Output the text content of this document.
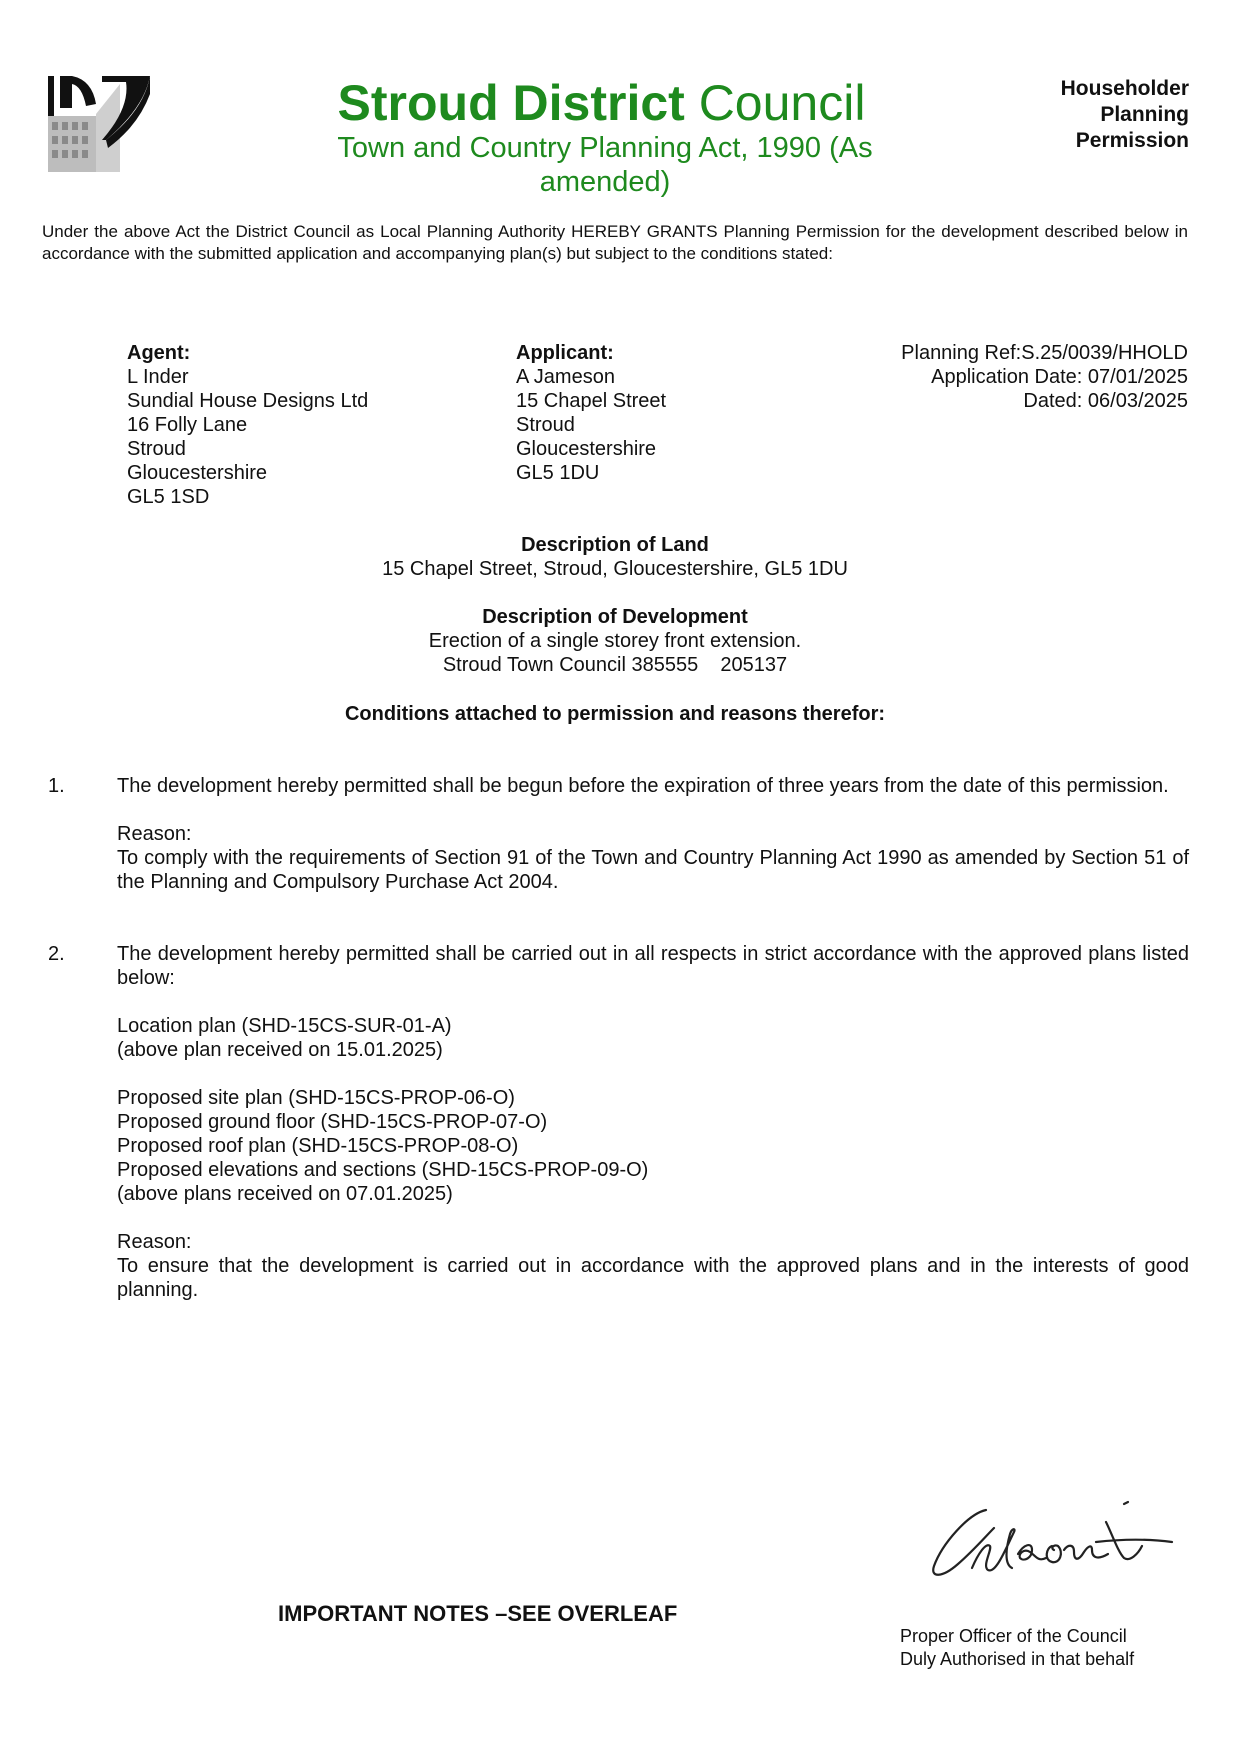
Stroud District Council
Town and Country Planning Act, 1990 (As amended)
Householder
Planning
Permission
Under the above Act the District Council as Local Planning Authority HEREBY GRANTS Planning Permission for the development described below in accordance with the submitted application and accompanying plan(s) but subject to the conditions stated:
Agent:
L Inder
Sundial House Designs Ltd
16 Folly Lane
Stroud
Gloucestershire
GL5 1SD
Applicant:
A Jameson
15 Chapel Street
Stroud
Gloucestershire
GL5 1DU
Planning Ref:S.25/0039/HHOLD
Application Date: 07/01/2025
Dated: 06/03/2025
Description of Land
15 Chapel Street, Stroud, Gloucestershire, GL5 1DU
Description of Development
Erection of a single storey front extension.
Stroud Town Council 385555    205137
Conditions attached to permission and reasons therefor:
1.	The development hereby permitted shall be begun before the expiration of three years from the date of this permission.
Reason:
To comply with the requirements of Section 91 of the Town and Country Planning Act 1990 as amended by Section 51 of the Planning and Compulsory Purchase Act 2004.
2.	The development hereby permitted shall be carried out in all respects in strict accordance with the approved plans listed below:
Location plan (SHD-15CS-SUR-01-A)
(above plan received on 15.01.2025)
Proposed site plan (SHD-15CS-PROP-06-O)
Proposed ground floor (SHD-15CS-PROP-07-O)
Proposed roof plan (SHD-15CS-PROP-08-O)
Proposed elevations and sections (SHD-15CS-PROP-09-O)
(above plans received on 07.01.2025)
Reason:
To ensure that the development is carried out in accordance with the approved plans and in the interests of good planning.
IMPORTANT NOTES –SEE OVERLEAF
Proper Officer of the Council
Duly Authorised in that behalf
